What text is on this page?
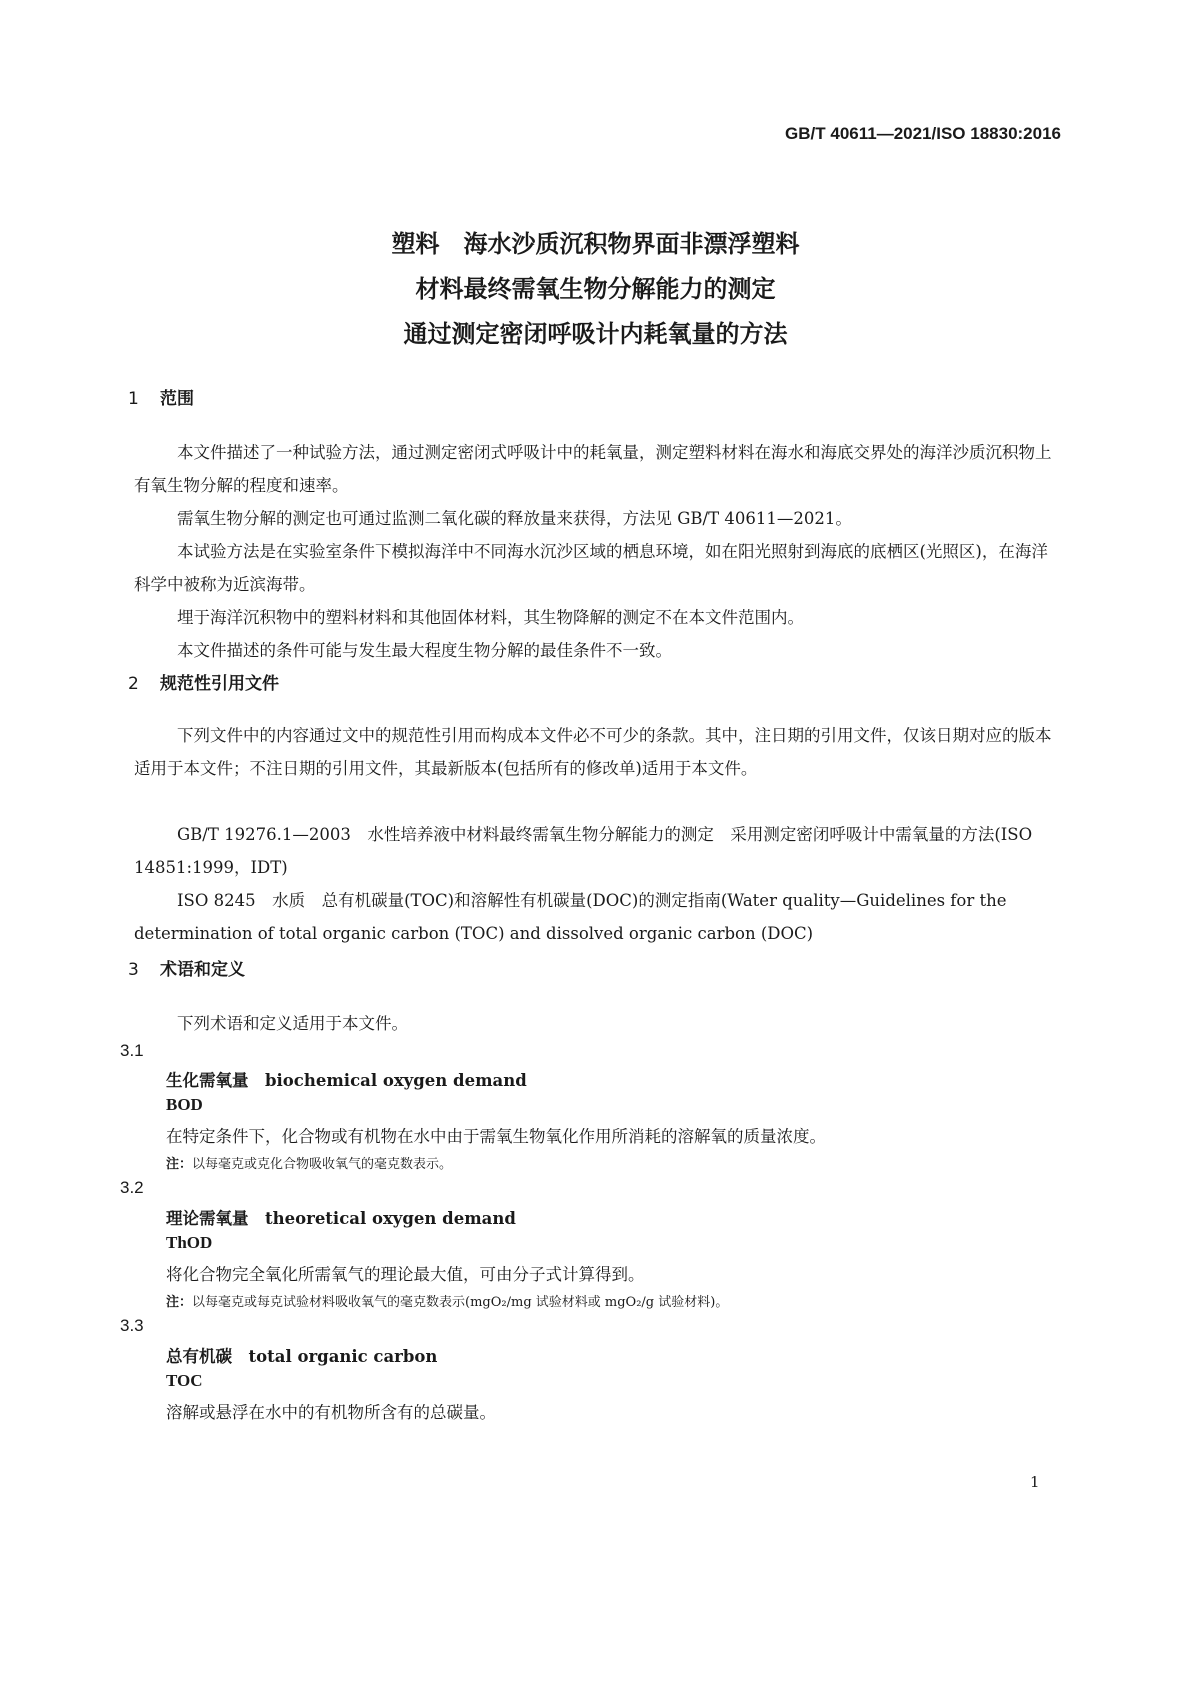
GB/T 40611—2021/ISO 18830:2016
塑料　海水沙质沉积物界面非漂浮塑料
材料最终需氧生物分解能力的测定
通过测定密闭呼吸计内耗氧量的方法
1 范围
本文件描述了一种试验方法，通过测定密闭式呼吸计中的耗氧量，测定塑料材料在海水和海底交界处的海洋沙质沉积物上有氧生物分解的程度和速率。
需氧生物分解的测定也可通过监测二氧化碳的释放量来获得，方法见 GB/T 40611—2021。
本试验方法是在实验室条件下模拟海洋中不同海水沉沙区域的栖息环境，如在阳光照射到海底的底栖区(光照区)，在海洋科学中被称为近滨海带。
埋于海洋沉积物中的塑料材料和其他固体材料，其生物降解的测定不在本文件范围内。
本文件描述的条件可能与发生最大程度生物分解的最佳条件不一致。
2 规范性引用文件
下列文件中的内容通过文中的规范性引用而构成本文件必不可少的条款。其中，注日期的引用文件，仅该日期对应的版本适用于本文件；不注日期的引用文件，其最新版本(包括所有的修改单)适用于本文件。
GB/T 19276.1—2003　水性培养液中材料最终需氧生物分解能力的测定　采用测定密闭呼吸计中需氧量的方法(ISO 14851:1999，IDT)
ISO 8245　水质　总有机碳量(TOC)和溶解性有机碳量(DOC)的测定指南(Water quality—Guidelines for the determination of total organic carbon (TOC) and dissolved organic carbon (DOC)
3 术语和定义
下列术语和定义适用于本文件。
3.1
生化需氧量　biochemical oxygen demand
BOD
在特定条件下，化合物或有机物在水中由于需氧生物氧化作用所消耗的溶解氧的质量浓度。
注：以每毫克或克化合物吸收氧气的毫克数表示。
3.2
理论需氧量　theoretical oxygen demand
ThOD
将化合物完全氧化所需氧气的理论最大值，可由分子式计算得到。
注：以每毫克或每克试验材料吸收氧气的毫克数表示(mgO₂/mg 试验材料或 mgO₂/g 试验材料)。
3.3
总有机碳　total organic carbon
TOC
溶解或悬浮在水中的有机物所含有的总碳量。
1
